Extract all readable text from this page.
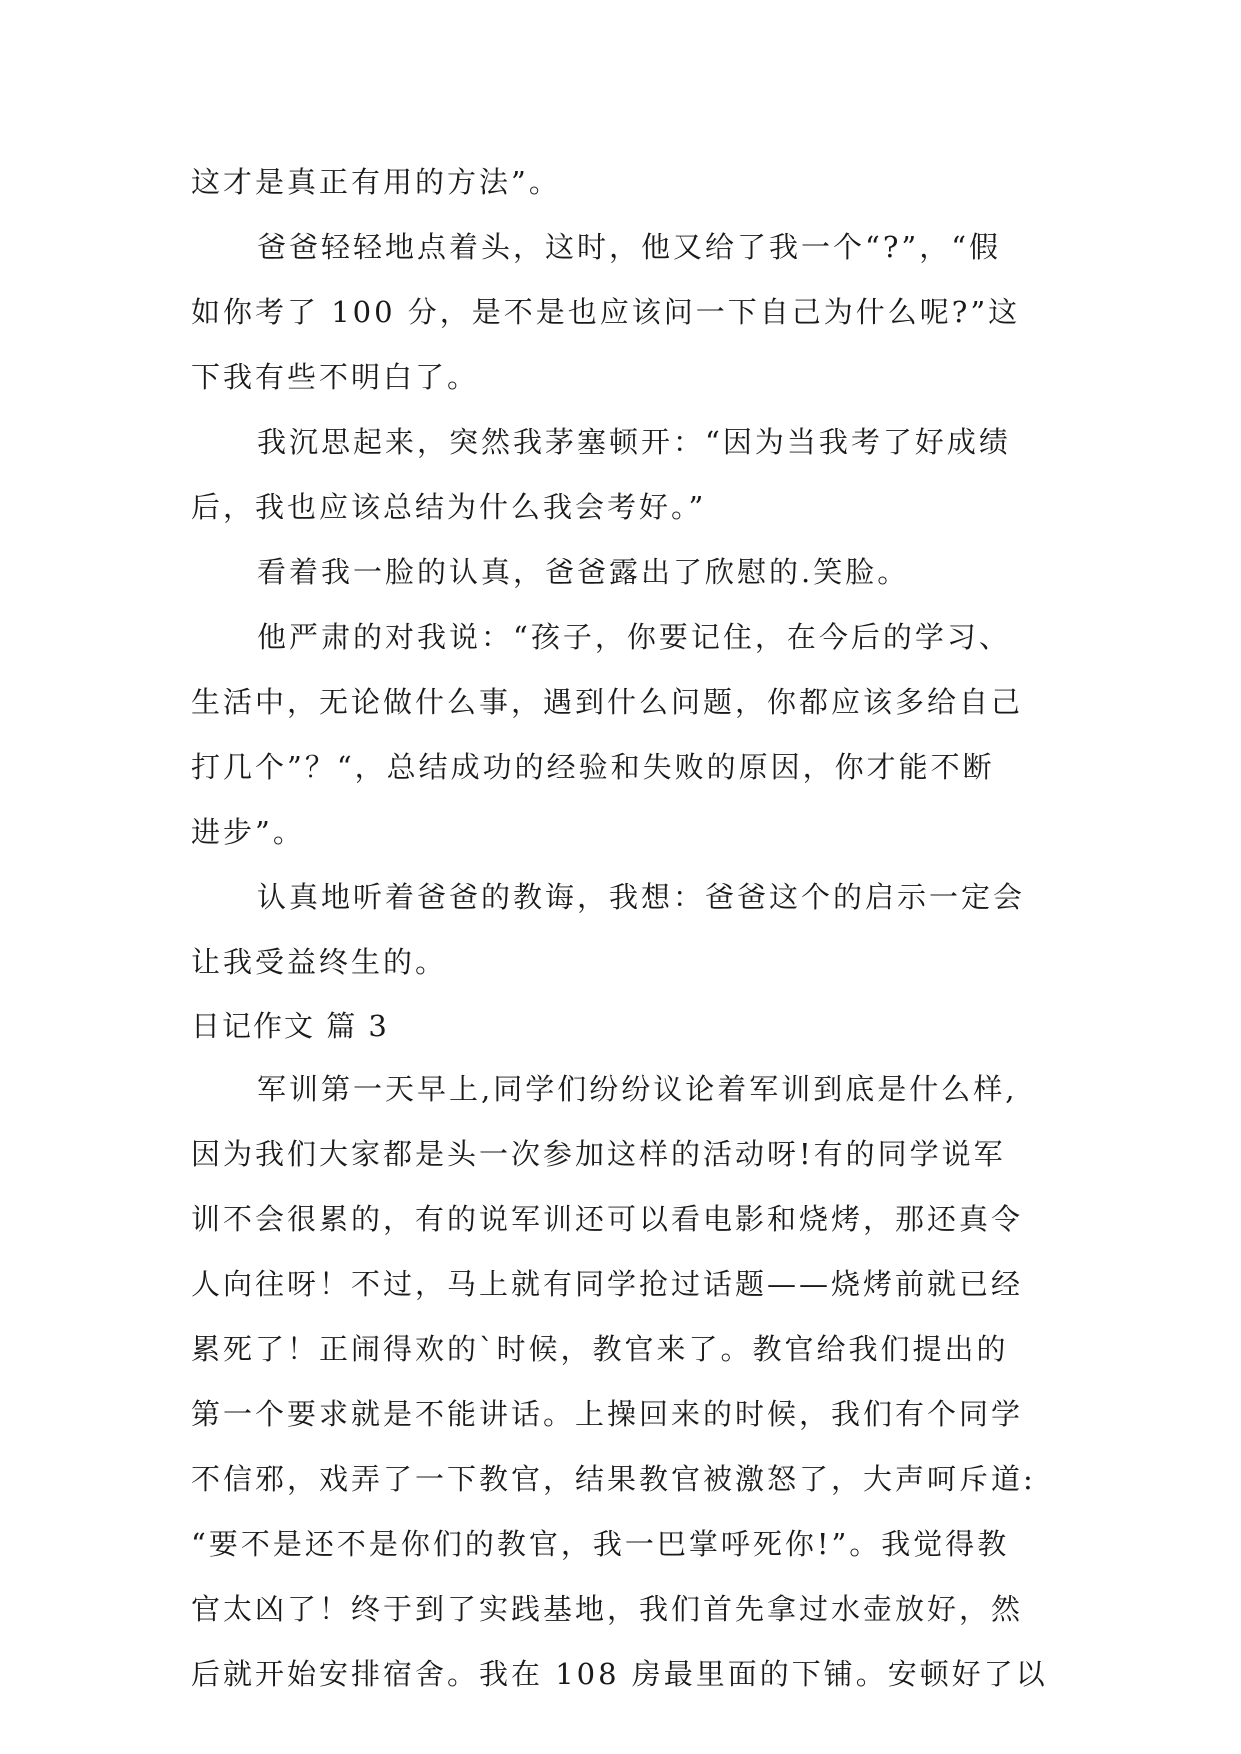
这才是真正有用的方法”。
爸爸轻轻地点着头，这时，他又给了我一个“?”，“假
如你考了 100 分，是不是也应该问一下自己为什么呢?”这
下我有些不明白了。
我沉思起来，突然我茅塞顿开：“因为当我考了好成绩
后，我也应该总结为什么我会考好。”
看着我一脸的认真，爸爸露出了欣慰的.笑脸。
他严肃的对我说：“孩子，你要记住，在今后的学习、
生活中，无论做什么事，遇到什么问题，你都应该多给自己
打几个”？“，总结成功的经验和失败的原因，你才能不断
进步”。
认真地听着爸爸的教诲，我想：爸爸这个的启示一定会
让我受益终生的。
日记作文 篇 3
军训第一天早上,同学们纷纷议论着军训到底是什么样,
因为我们大家都是头一次参加这样的活动呀!有的同学说军
训不会很累的，有的说军训还可以看电影和烧烤，那还真令
人向往呀！不过，马上就有同学抢过话题——烧烤前就已经
累死了！正闹得欢的`时候，教官来了。教官给我们提出的
第一个要求就是不能讲话。上操回来的时候，我们有个同学
不信邪，戏弄了一下教官，结果教官被激怒了，大声呵斥道:
“要不是还不是你们的教官，我一巴掌呼死你!”。我觉得教
官太凶了！终于到了实践基地，我们首先拿过水壶放好，然
后就开始安排宿舍。我在 108 房最里面的下铺。安顿好了以
